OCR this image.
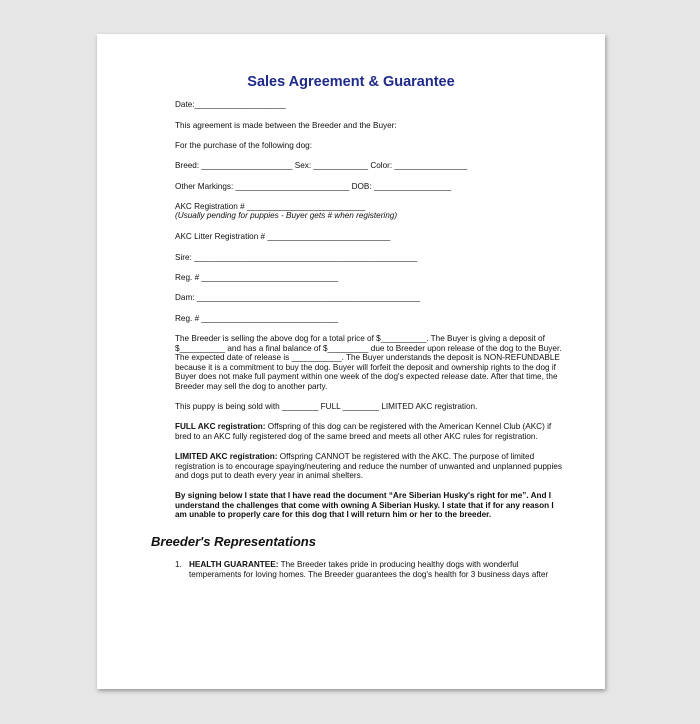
Sales Agreement & Guarantee
Date:____________________
This agreement is made between the Breeder and the Buyer:
For the purchase of the following dog:
Breed: ____________________ Sex: ____________ Color: ________________
Other Markings: _________________________ DOB: _________________
AKC Registration # __________________________
(Usually pending for puppies - Buyer gets # when registering)
AKC Litter Registration # ___________________________
Sire: _________________________________________________
Reg. # ______________________________
Dam: _________________________________________________
Reg. # ______________________________
The Breeder is selling the above dog for a total price of $__________. The Buyer is giving a deposit of $__________ and has a final balance of $_________ due to Breeder upon release of the dog to the Buyer. The expected date of release is ___________. The Buyer understands the deposit is NON-REFUNDABLE because it is a commitment to buy the dog. Buyer will forfeit the deposit and ownership rights to the dog if Buyer does not make full payment within one week of the dog's expected release date. After that time, the Breeder may sell the dog to another party.
This puppy is being sold with ________ FULL ________ LIMITED AKC registration.
FULL AKC registration: Offspring of this dog can be registered with the American Kennel Club (AKC) if bred to an AKC fully registered dog of the same breed and meets all other AKC rules for registration.
LIMITED AKC registration: Offspring CANNOT be registered with the AKC. The purpose of limited registration is to encourage spaying/neutering and reduce the number of unwanted and unplanned puppies and dogs put to death every year in animal shelters.
By signing below I state that I have read the document “Are Siberian Husky's right for me”. And I understand the challenges that come with owning A Siberian Husky. I state that if for any reason I am unable to properly care for this dog that I will return him or her to the breeder.
Breeder's Representations
1. HEALTH GUARANTEE: The Breeder takes pride in producing healthy dogs with wonderful temperaments for loving homes. The Breeder guarantees the dog's health for 3 business days after
